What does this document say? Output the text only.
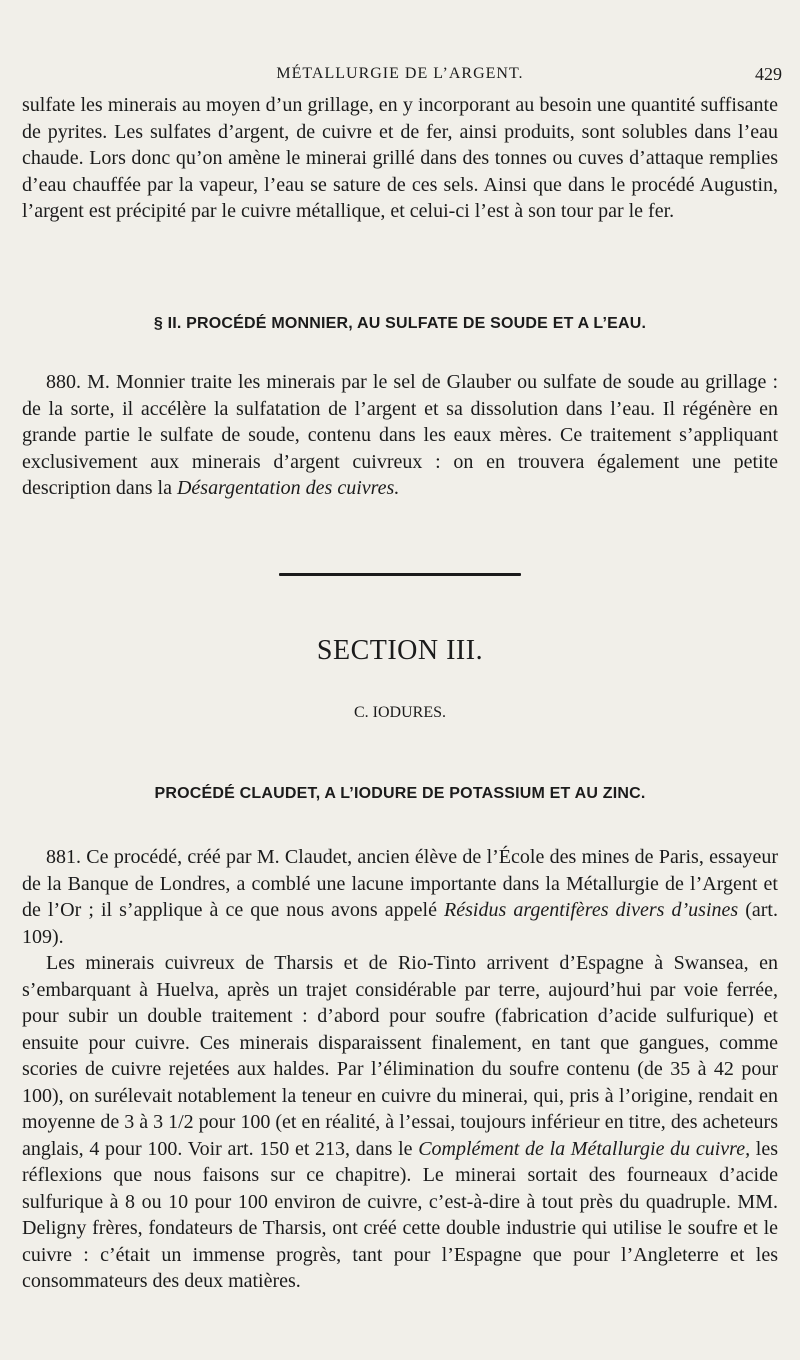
MÉTALLURGIE DE L’ARGENT.	429

sulfate les minerais au moyen d’un grillage, en y incorporant au besoin une quantité suffisante de pyrites. Les sulfates d’argent, de cuivre et de fer, ainsi produits, sont solubles dans l’eau chaude. Lors donc qu’on amène le minerai grillé dans des tonnes ou cuves d’attaque remplies d’eau chauffée par la vapeur, l’eau se sature de ces sels. Ainsi que dans le procédé Augustin, l’argent est précipité par le cuivre métallique, et celui-ci l’est à son tour par le fer.

§ II. PROCÉDÉ MONNIER, AU SULFATE DE SOUDE ET A L’EAU.

880. M. Monnier traite les minerais par le sel de Glauber ou sulfate de soude au grillage : de la sorte, il accélère la sulfatation de l’argent et sa dissolution dans l’eau. Il régénère en grande partie le sulfate de soude, contenu dans les eaux mères. Ce traitement s’appliquant exclusivement aux minerais d’argent cuivreux : on en trouvera également une petite description dans la Désargentation des cuivres.

SECTION III.
C. IODURES.
PROCÉDÉ CLAUDET, A L’IODURE DE POTASSIUM ET AU ZINC.

881. Ce procédé, créé par M. Claudet, ancien élève de l’École des mines de Paris, essayeur de la Banque de Londres, a comblé une lacune importante dans la Métallurgie de l’Argent et de l’Or ; il s’applique à ce que nous avons appelé Résidus argentifères divers d’usines (art. 109).

Les minerais cuivreux de Tharsis et de Rio-Tinto arrivent d’Espagne à Swansea, en s’embarquant à Huelva, après un trajet considérable par terre, aujourd’hui par voie ferrée, pour subir un double traitement : d’abord pour soufre (fabrication d’acide sulfurique) et ensuite pour cuivre. Ces minerais disparaissent finalement, en tant que gangues, comme scories de cuivre rejetées aux haldes. Par l’élimination du soufre contenu (de 35 à 42 pour 100), on surélevait notablement la teneur en cuivre du minerai, qui, pris à l’origine, rendait en moyenne de 3 à 3 1/2 pour 100 (et en réalité, à l’essai, toujours inférieur en titre, des acheteurs anglais, 4 pour 100. Voir art. 150 et 213, dans le Complément de la Métallurgie du cuivre, les réflexions que nous faisons sur ce chapitre). Le minerai sortait des fourneaux d’acide sulfurique à 8 ou 10 pour 100 environ de cuivre, c’est-à-dire à tout près du quadruple. MM. Deligny frères, fondateurs de Tharsis, ont créé cette double industrie qui utilise le soufre et le cuivre : c’était un immense progrès, tant pour l’Espagne que pour l’Angleterre et les consommateurs des deux matières.
